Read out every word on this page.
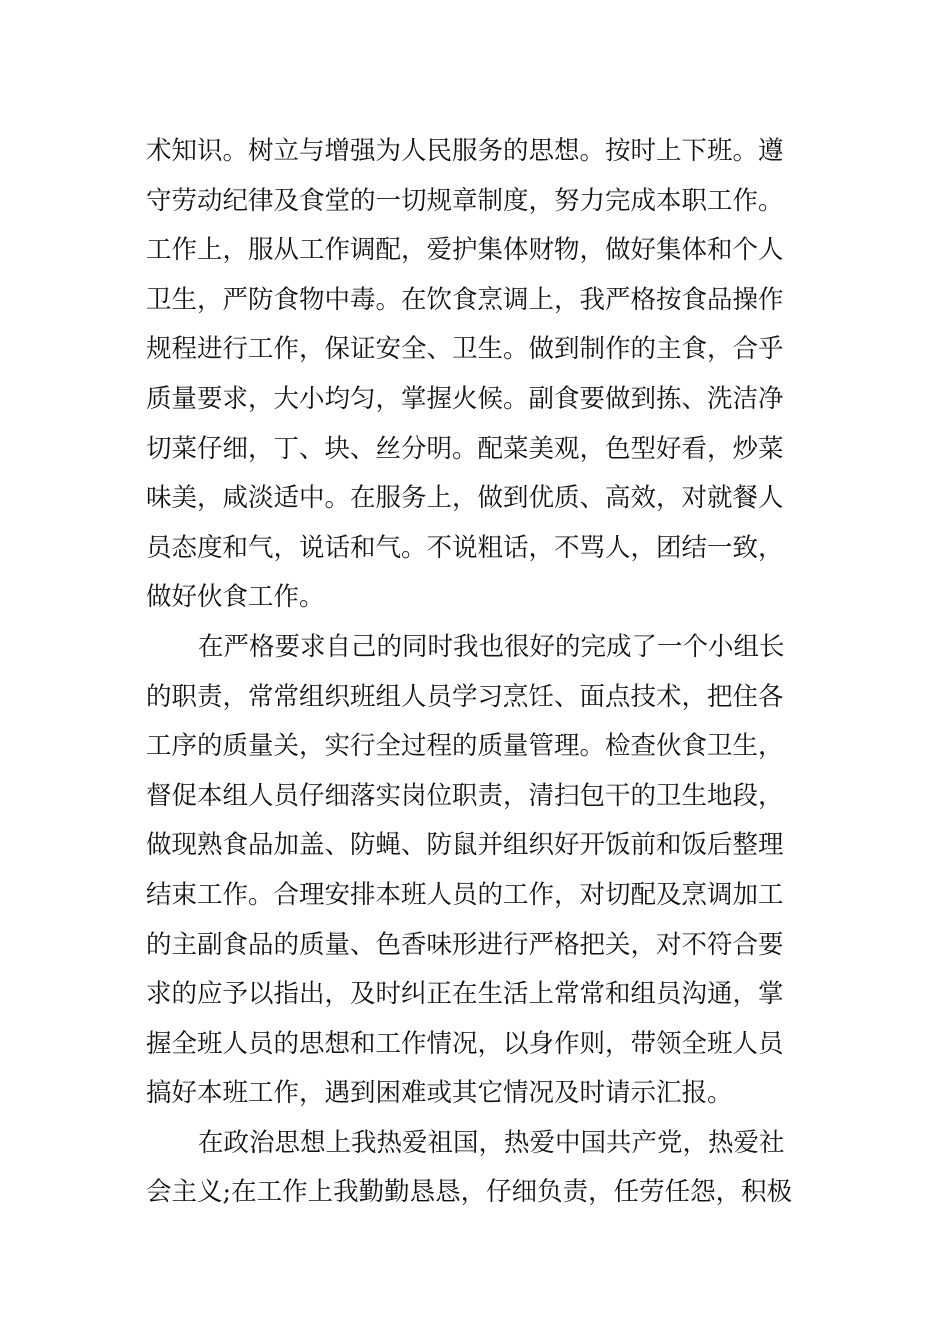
术知识。树立与增强为人民服务的思想。按时上下班。遵
守劳动纪律及食堂的一切规章制度，努力完成本职工作。
工作上，服从工作调配，爱护集体财物，做好集体和个人
卫生，严防食物中毒。在饮食烹调上，我严格按食品操作
规程进行工作，保证安全、卫生。做到制作的主食，合乎
质量要求，大小均匀，掌握火候。副食要做到拣、洗洁净
切菜仔细，丁、块、丝分明。配菜美观，色型好看，炒菜
味美，咸淡适中。在服务上，做到优质、高效，对就餐人
员态度和气，说话和气。不说粗话，不骂人，团结一致，
做好伙食工作。
在严格要求自己的同时我也很好的完成了一个小组长
的职责，常常组织班组人员学习烹饪、面点技术，把住各
工序的质量关，实行全过程的质量管理。检查伙食卫生，
督促本组人员仔细落实岗位职责，清扫包干的卫生地段，
做现熟食品加盖、防蝇、防鼠并组织好开饭前和饭后整理
结束工作。合理安排本班人员的工作，对切配及烹调加工
的主副食品的质量、色香味形进行严格把关，对不符合要
求的应予以指出，及时纠正在生活上常常和组员沟通，掌
握全班人员的思想和工作情况，以身作则，带领全班人员
搞好本班工作，遇到困难或其它情况及时请示汇报。
在政治思想上我热爱祖国，热爱中国共产党，热爱社
会主义;在工作上我勤勤恳恳，仔细负责，任劳任怨，积极
